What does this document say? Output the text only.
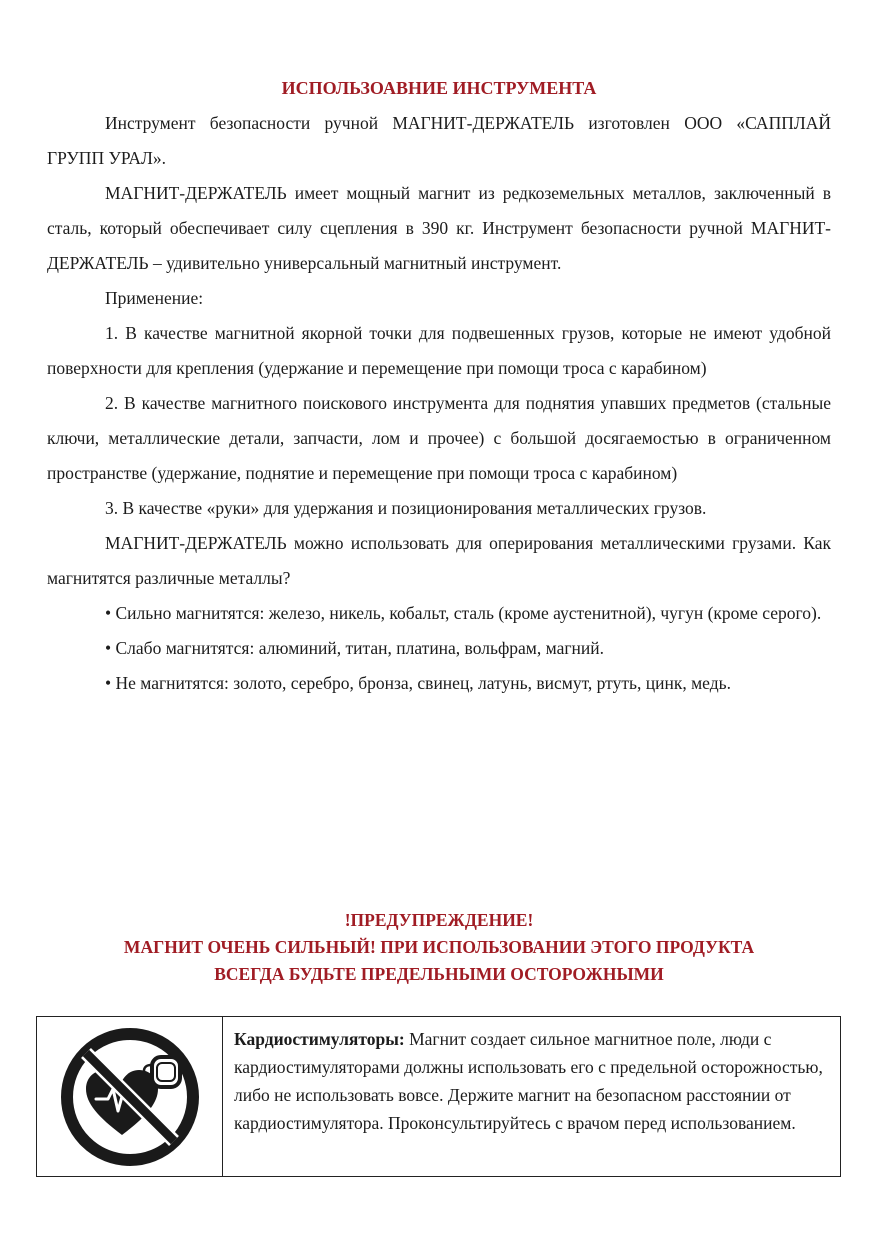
ИСПОЛЬЗОАВНИЕ ИНСТРУМЕНТА

Инструмент безопасности ручной МАГНИТ-ДЕРЖАТЕЛЬ изготовлен ООО «САППЛАЙ ГРУПП УРАЛ».

МАГНИТ-ДЕРЖАТЕЛЬ имеет мощный магнит из редкоземельных металлов, заключенный в сталь, который обеспечивает силу сцепления в 390 кг. Инструмент безопасности ручной МАГНИТ-ДЕРЖАТЕЛЬ – удивительно универсальный магнитный инструмент.

Применение:

1. В качестве магнитной якорной точки для подвешенных грузов, которые не имеют удобной поверхности для крепления (удержание и перемещение при помощи троса с карабином)

2. В качестве магнитного поискового инструмента для поднятия упавших предметов (стальные ключи, металлические детали, запчасти, лом и прочее) с большой досягаемостью в ограниченном пространстве (удержание, поднятие и перемещение при помощи троса с карабином)

3. В качестве «руки» для удержания и позиционирования металлических грузов.

МАГНИТ-ДЕРЖАТЕЛЬ можно использовать для оперирования металлическими грузами. Как магнитятся различные металлы?

• Сильно магнитятся: железо, никель, кобальт, сталь (кроме аустенитной), чугун (кроме серого).

• Слабо магнитятся: алюминий, титан, платина, вольфрам, магний.

• Не магнитятся: золото, серебро, бронза, свинец, латунь, висмут, ртуть, цинк, медь.

!ПРЕДУПРЕЖДЕНИЕ!
МАГНИТ ОЧЕНЬ СИЛЬНЫЙ! ПРИ ИСПОЛЬЗОВАНИИ ЭТОГО ПРОДУКТА
ВСЕГДА БУДЬТЕ ПРЕДЕЛЬНЫМИ ОСТОРОЖНЫМИ
Кардиостимуляторы: Магнит создает сильное магнитное поле, люди с кардиостимуляторами должны использовать его с предельной осторожностью, либо не использовать вовсе. Держите магнит на безопасном расстоянии от кардиостимулятора. Проконсультируйтесь с врачом перед использованием.
